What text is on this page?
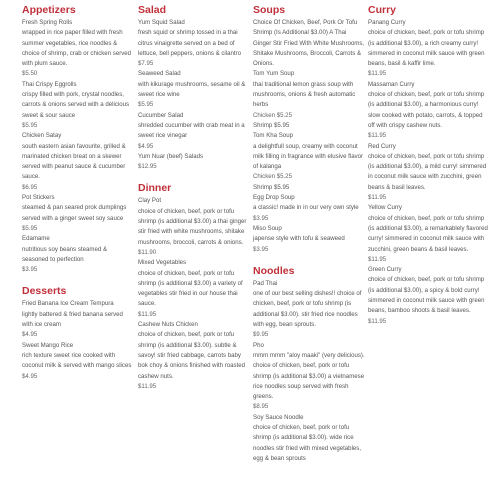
Appetizers
Fresh Spring Rolls
wrapped in rice paper filled with fresh summer vegetables, rice noodles & choice of shrimp, crab or chicken served with plum sauce.
$5.50
Thai Crispy Eggrolls
crispy filled with pork, crystal noodles, carrots & onions served with a delicious sweet & sour sauce
$5.95
Chicken Satay
south eastern asian favourite, grilled & marinated chicken breat on a skewer served with peanut sauce & cucumber sauce.
$6.95
Pot Stickers
steamed & pan seared prok dumplings served with a ginger sweet soy sauce
$5.95
Edamame
nutritious soy beans steamed & seasoned to perfection
$3.95
Desserts
Fried Banana Ice Cream Tempura
lightly battered & fried banana served with ice cream
$4.95
Sweet Mango Rice
rich texture sweet rice cooked with coconut milk & served with mango slices
$4.95
Salad
Yum Squid Salad
fresh squid or shrimp tossed in a thai citrus vinaigrette served on a bed of lettuce, bell peppers, onions & cilantro
$7.95
Seaweed Salad
with kikurage mushrooms, sesame oil & sweet rice wine
$5.95
Cucumber Salad
shredded cucumber with crab meat in a sweet rice vinegar
$4.95
Yum Nuar (beef) Salads
$12.95
Dinner
Clay Pot
choice of chicken, beef, pork or tofu shrimp (is additional $3.00) a thai ginger stir fried with white mushrooms, shitake mushrooms, broccoli, carrots & onions.
$11.90
Mixed Vegetables
choice of chicken, beef, pork or tofu shrimp (is additional $3.00) a variety of vegetables stir fried in our house thai sauce.
$11.95
Cashew Nuts Chicken
choice of chicken, beef, pork or tofu shrimp (is additional $3.00). subtle & savoy! stir fried cabbage, carrots baby bok choy & onions finished with roasted cashew nuts.
$11.95
Soups
Choice Of Chicken, Beef, Pork Or Tofu Shrimp (Is Additional $3.00) A Thai Ginger Stir Fried With White Mushrooms, Shitake Mushrooms, Broccoli, Carrots & Onions.
Tom Yum Soup
thai traditional lemon grass soup with mushrooms, onions & fresh automatic herbs
Chicken $5.25
Shrimp $5.95
Tom Kha Soup
a delightfull soup, creamy with coconut milk filling in fragrance with elusive flavor of kalanga
Chicken $5.25
Shrimp $5.95
Egg Drop Soup
a classic! made in in our very own style
$3.95
Miso Soup
japense style with tofu & seaweed
$3.95
Noodles
Pad Thai
one of our best selling dishes!! choice of chicken, beef, pork or tofu shrimp (is additional $3.00). stir fried rice noodles with egg, bean sprouts.
$9.95
Pho
mmm mmm "aloy maaki" (very delicious). choice of chicken, beef, pork or tofu shrimp (is additional $3.00) a vietnamese rice noodles soup served with fresh greens.
$8.95
Soy Sauce Noodle
choice of chicken, beef, pork or tofu shrimp (is additional $3.00). wide rice noodles stir fried with mixed vegetables, egg & bean sprouts
Curry
Panang Curry
choice of chicken, beef, pork or tofu shrimp (is additional $3.00), a rich creamy curry! simmered in coconut milk sauce with green beans, basil & kaffir lime.
$11.95
Massaman Curry
choice of chicken, beef, pork or tofu shrimp (is additional $3.00), a harmonious curry! slow cooked with potato, carrots, & topped off with crispy cashew nuts.
$11.95
Red Curry
choice of chicken, beef, pork or tofu shrimp (is additional $3.00), a mild curry! simmered in coconut milk sauce with zucchini, green beans & basil leaves.
$11.95
Yellow Curry
choice of chicken, beef, pork or tofu shrimp (is additional $3.00), a remarkablely flavored curry! simmered in coconut milk sauce with zucchini, green beans & basil leaves.
$11.95
Green Curry
choice of chicken, beef, pork or tofu shrimp (is additional $3.00), a spicy & bold curry! simmered in coconut milk sauce with green beans, bamboo shoots & basil leaves.
$11.95
